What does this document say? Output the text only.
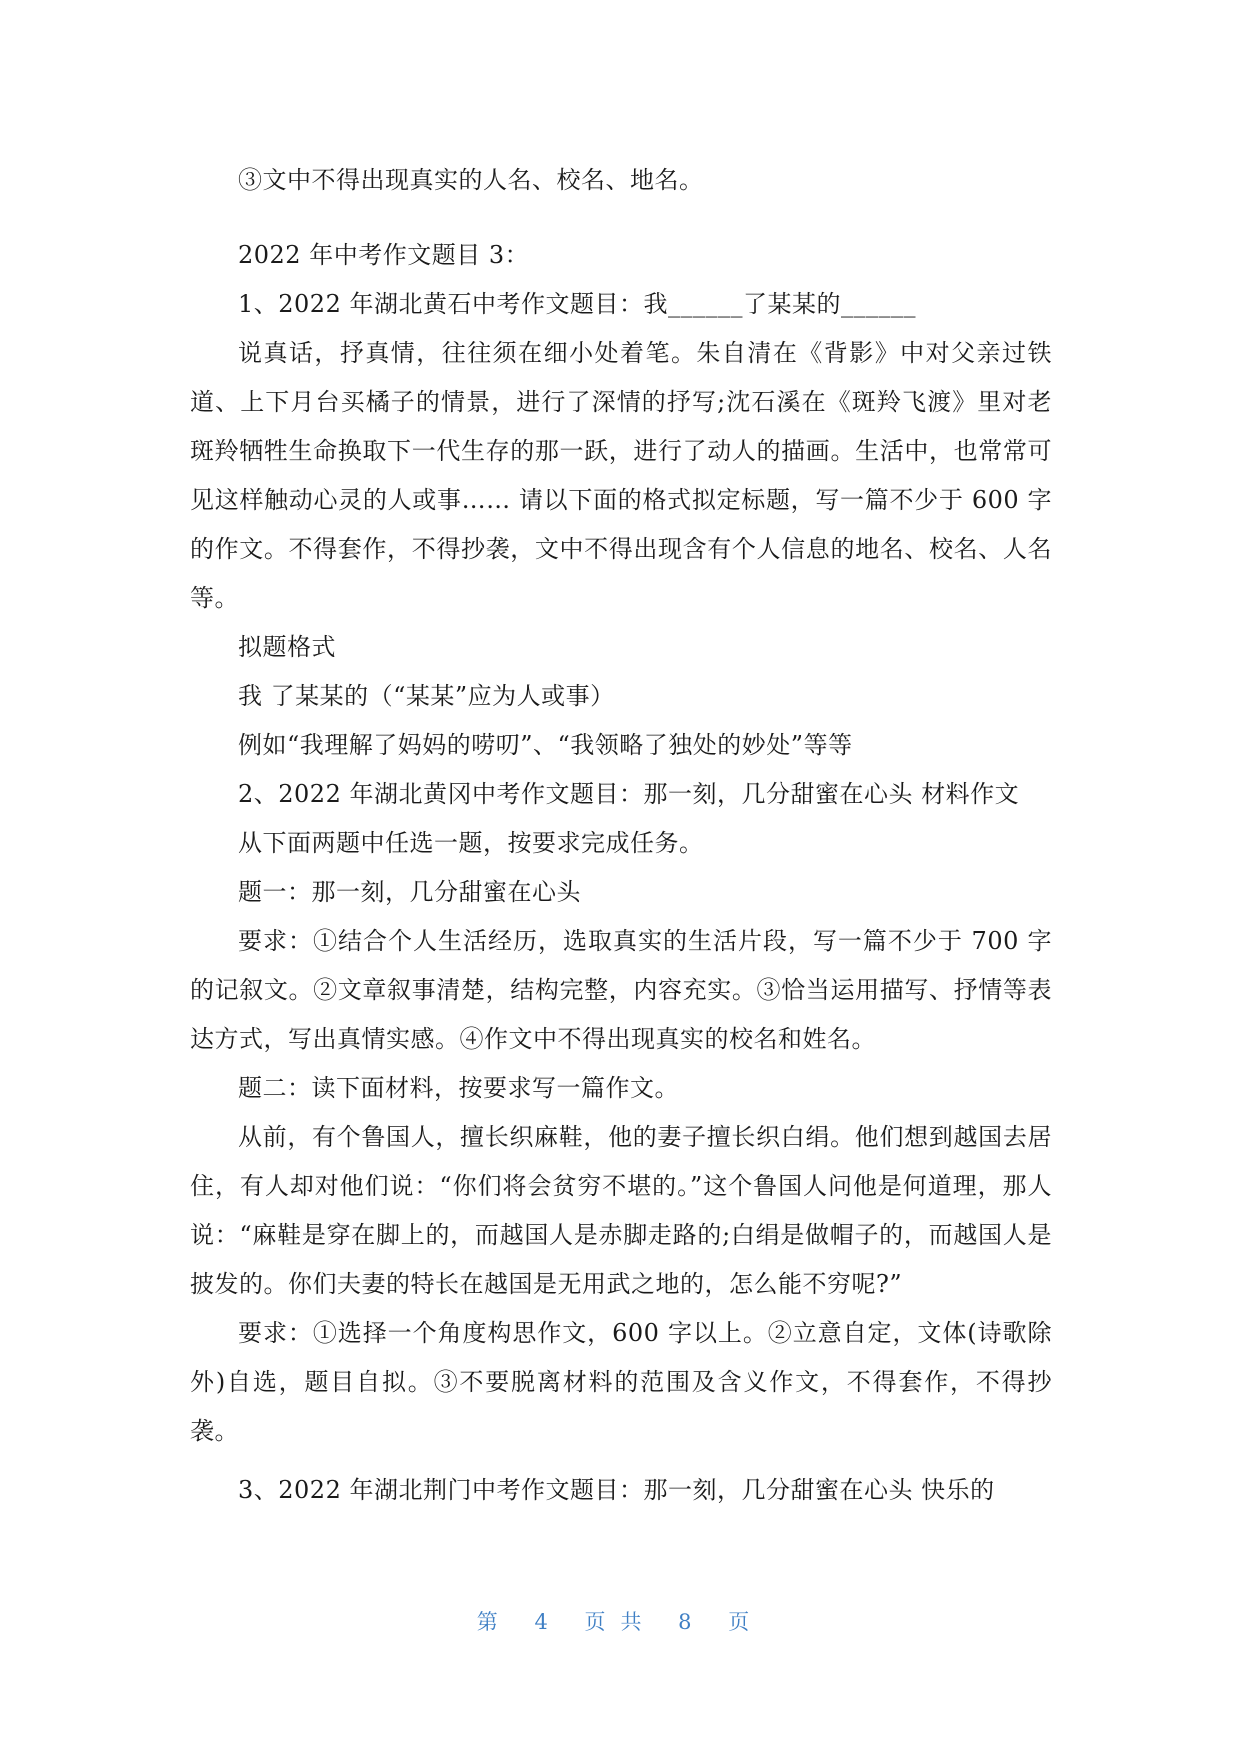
③文中不得出现真实的人名、校名、地名。

2022 年中考作文题目 3：

1、2022 年湖北黄石中考作文题目：我______了某某的______

说真话，抒真情，往往须在细小处着笔。朱自清在《背影》中对父亲过铁道、上下月台买橘子的情景，进行了深情的抒写;沈石溪在《斑羚飞渡》里对老斑羚牺牲生命换取下一代生存的那一跃，进行了动人的描画。生活中，也常常可见这样触动心灵的人或事…… 请以下面的格式拟定标题，写一篇不少于 600 字的作文。不得套作，不得抄袭，文中不得出现含有个人信息的地名、校名、人名等。

拟题格式

我 了某某的（“某某”应为人或事）

例如“我理解了妈妈的唠叨”、“我领略了独处的妙处”等等

2、2022 年湖北黄冈中考作文题目：那一刻，几分甜蜜在心头 材料作文

从下面两题中任选一题，按要求完成任务。

题一：那一刻，几分甜蜜在心头

要求：①结合个人生活经历，选取真实的生活片段，写一篇不少于 700 字的记叙文。②文章叙事清楚，结构完整，内容充实。③恰当运用描写、抒情等表达方式，写出真情实感。④作文中不得出现真实的校名和姓名。

题二：读下面材料，按要求写一篇作文。

从前，有个鲁国人，擅长织麻鞋，他的妻子擅长织白绢。他们想到越国去居住，有人却对他们说：“你们将会贫穷不堪的。”这个鲁国人问他是何道理，那人说：“麻鞋是穿在脚上的，而越国人是赤脚走路的;白绢是做帽子的，而越国人是披发的。你们夫妻的特长在越国是无用武之地的，怎么能不穷呢?”

要求：①选择一个角度构思作文，600 字以上。②立意自定，文体(诗歌除外)自选，题目自拟。③不要脱离材料的范围及含义作文，不得套作，不得抄袭。

3、2022 年湖北荆门中考作文题目：那一刻，几分甜蜜在心头 快乐的

第 4 页共 8 页
